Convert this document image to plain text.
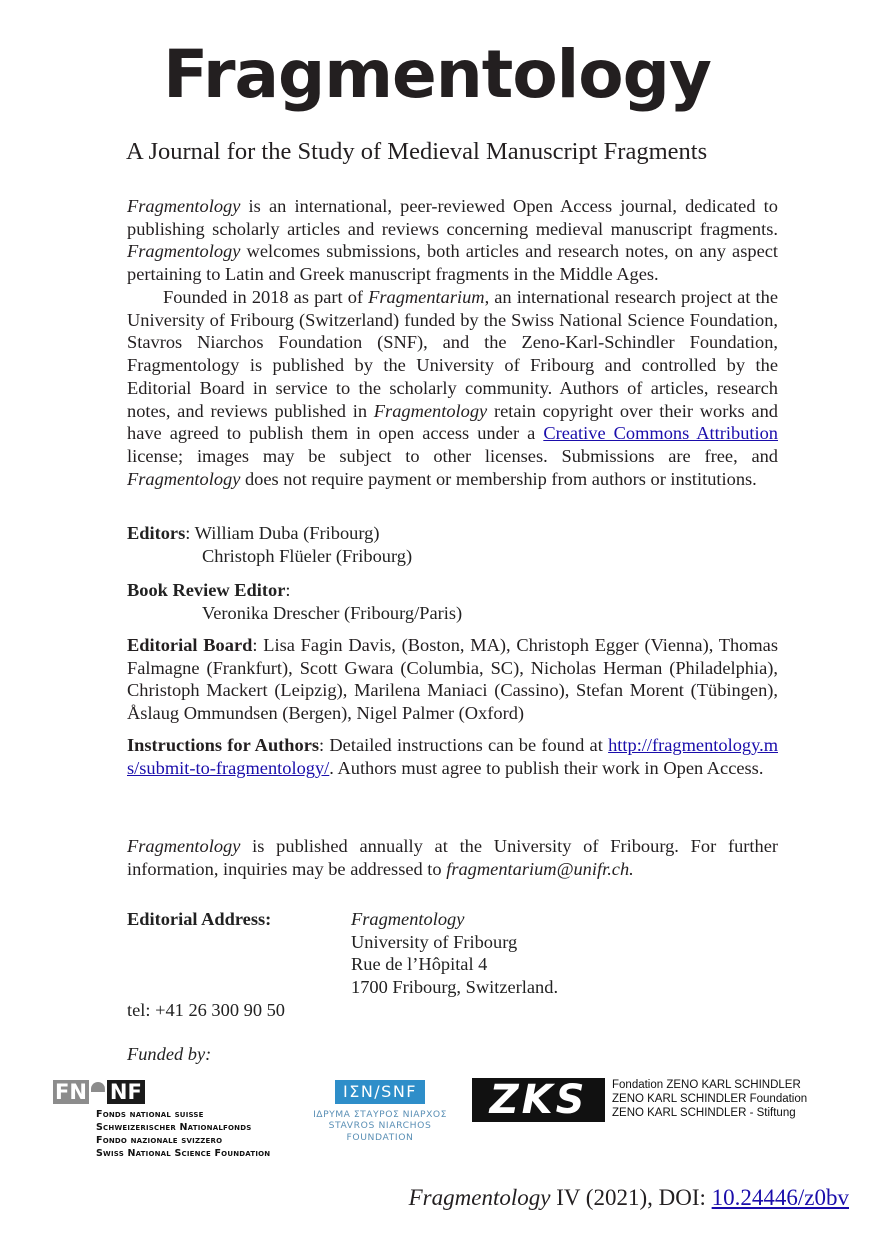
Fragmentology
A Journal for the Study of Medieval Manuscript Fragments

Fragmentology is an international, peer-reviewed Open Access journal, dedicated to publishing scholarly articles and reviews concerning medieval manuscript fragments. Fragmentology welcomes submissions, both articles and research notes, on any aspect pertaining to Latin and Greek manuscript fragments in the Middle Ages.

Founded in 2018 as part of Fragmentarium, an international research project at the University of Fribourg (Switzerland) funded by the Swiss National Science Foundation, Stavros Niarchos Foundation (SNF), and the Zeno-Karl-Schindler Foundation, Fragmentology is published by the University of Fribourg and controlled by the Editorial Board in service to the scholarly community. Authors of articles, research notes, and reviews published in Fragmentology retain copyright over their works and have agreed to publish them in open access under a Creative Commons Attribution license; images may be subject to other licenses. Submissions are free, and Fragmentology does not require payment or membership from authors or institutions.

Editors: William Duba (Fribourg)
Christoph Flüeler (Fribourg)
Book Review Editor:
Veronika Drescher (Fribourg/Paris)

Editorial Board: Lisa Fagin Davis, (Boston, MA), Christoph Egger (Vienna), Thomas Falmagne (Frankfurt), Scott Gwara (Columbia, SC), Nicholas Herman (Philadelphia), Christoph Mackert (Leipzig), Marilena Maniaci (Cassino), Stefan Morent (Tübingen), Åslaug Ommundsen (Bergen), Nigel Palmer (Oxford)

Instructions for Authors: Detailed instructions can be found at http://fragmentology.ms/submit-to-fragmentology/. Authors must agree to publish their work in Open Access.

Fragmentology is published annually at the University of Fribourg. For further information, inquiries may be addressed to fragmentarium@unifr.ch.

Editorial Address:	Fragmentology
University of Fribourg
Rue de l’Hôpital 4
1700 Fribourg, Switzerland.
tel: +41 26 300 90 50
Funded by:
FN NF
Fonds national suisse
Schweizerischer Nationalfonds
Fondo nazionale svizzero
Swiss National Science Foundation
ΙΣΝ/SNF
ΙΔΡΥΜΑ ΣΤΑΥΡΟΣ ΝΙΑΡΧΟΣ
STAVROS NIARCHOS
FOUNDATION
ZKS	Fondation ZENO KARL SCHINDLER
ZENO KARL SCHINDLER Foundation
ZENO KARL SCHINDLER - Stiftung
Fragmentology IV (2021), DOI: 10.24446/z0bv
